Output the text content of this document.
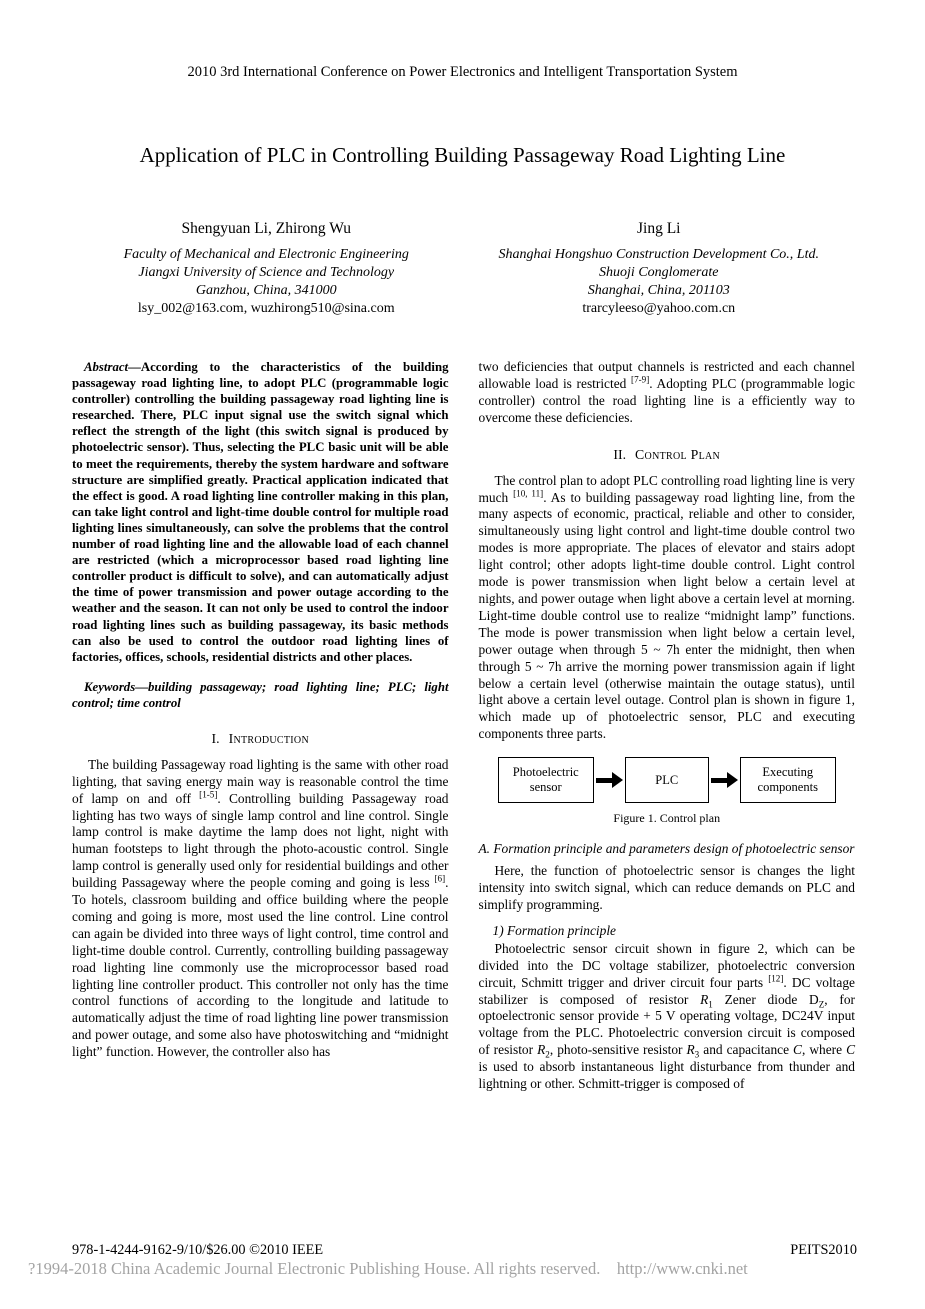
2010 3rd International Conference on Power Electronics and Intelligent Transportation System
Application of PLC in Controlling Building Passageway Road Lighting Line
Shengyuan Li, Zhirong Wu
Faculty of Mechanical and Electronic Engineering
Jiangxi University of Science and Technology
Ganzhou, China, 341000
lsy_002@163.com, wuzhirong510@sina.com
Jing Li
Shanghai Hongshuo Construction Development Co., Ltd.
Shuoji Conglomerate
Shanghai, China, 201103
trarcyleeso@yahoo.com.cn

Abstract—According to the characteristics of the building passageway road lighting line, to adopt PLC (programmable logic controller) controlling the building passageway road lighting line is researched. There, PLC input signal use the switch signal which reflect the strength of the light (this switch signal is produced by photoelectric sensor). Thus, selecting the PLC basic unit will be able to meet the requirements, thereby the system hardware and software structure are simplified greatly. Practical application indicated that the effect is good. A road lighting line controller making in this plan, can take light control and light-time double control for multiple road lighting lines simultaneously, can solve the problems that the control number of road lighting line and the allowable load of each channel are restricted (which a microprocessor based road lighting line controller product is difficult to solve), and can automatically adjust the time of power transmission and power outage according to the weather and the season. It can not only be used to control the indoor road lighting lines such as building passageway, its basic methods can also be used to control the outdoor road lighting lines of factories, offices, schools, residential districts and other places.

Keywords—building passageway; road lighting line; PLC; light control; time control

I. Introduction

The building Passageway road lighting is the same with other road lighting, that saving energy main way is reasonable control the time of lamp on and off [1-5]. Controlling building Passageway road lighting has two ways of single lamp control and line control. Single lamp control is make daytime the lamp does not light, night with human footsteps to light through the photo-acoustic control. Single lamp control is generally used only for residential buildings and other building Passageway where the people coming and going is less [6]. To hotels, classroom building and office building where the people coming and going is more, most used the line control. Line control can again be divided into three ways of light control, time control and light-time double control. Currently, controlling building passageway road lighting line commonly use the microprocessor based road lighting line controller product. This controller not only has the time control functions of according to the longitude and latitude to automatically adjust the time of road lighting line power transmission and power outage, and some also have photoswitching and “midnight light” function. However, the controller also has

two deficiencies that output channels is restricted and each channel allowable load is restricted [7-9]. Adopting PLC (programmable logic controller) control the road lighting line is a efficiently way to overcome these deficiencies.

II. Control Plan

The control plan to adopt PLC controlling road lighting line is very much [10, 11]. As to building passageway road lighting line, from the many aspects of economic, practical, reliable and other to consider, simultaneously using light control and light-time double control two modes is more appropriate. The places of elevator and stairs adopt light control; other adopts light-time double control. Light control mode is power transmission when light below a certain level at nights, and power outage when light above a certain level at morning. Light-time double control use to realize “midnight lamp” functions. The mode is power transmission when light below a certain level, power outage when through 5 ~ 7h enter the midnight, then when through 5 ~ 7h arrive the morning power transmission again if light below a certain level (otherwise maintain the outage status), until light above a certain level outage. Control plan is shown in figure 1, which made up of photoelectric sensor, PLC and executing components three parts.

Photoelectric sensor
PLC
Executing components
Figure 1. Control plan
A. Formation principle and parameters design of photoelectric sensor

Here, the function of photoelectric sensor is changes the light intensity into switch signal, which can reduce demands on PLC and simplify programming.

1) Formation principle

Photoelectric sensor circuit shown in figure 2, which can be divided into the DC voltage stabilizer, photoelectric conversion circuit, Schmitt trigger and driver circuit four parts [12]. DC voltage stabilizer is composed of resistor $R_1$ Zener diode $D_Z$, for optoelectronic sensor provide + 5 V operating voltage, DC24V input voltage from the PLC. Photoelectric conversion circuit is composed of resistor $R_2$, photo-sensitive resistor $R_3$ and capacitance C, where C is used to absorb instantaneous light disturbance from thunder and lightning or other. Schmitt-trigger is composed of

978-1-4244-9162-9/10/$26.00 ©2010 IEEE	PEITS2010
?1994-2018 China Academic Journal Electronic Publishing House. All rights reserved.    http://www.cnki.net
